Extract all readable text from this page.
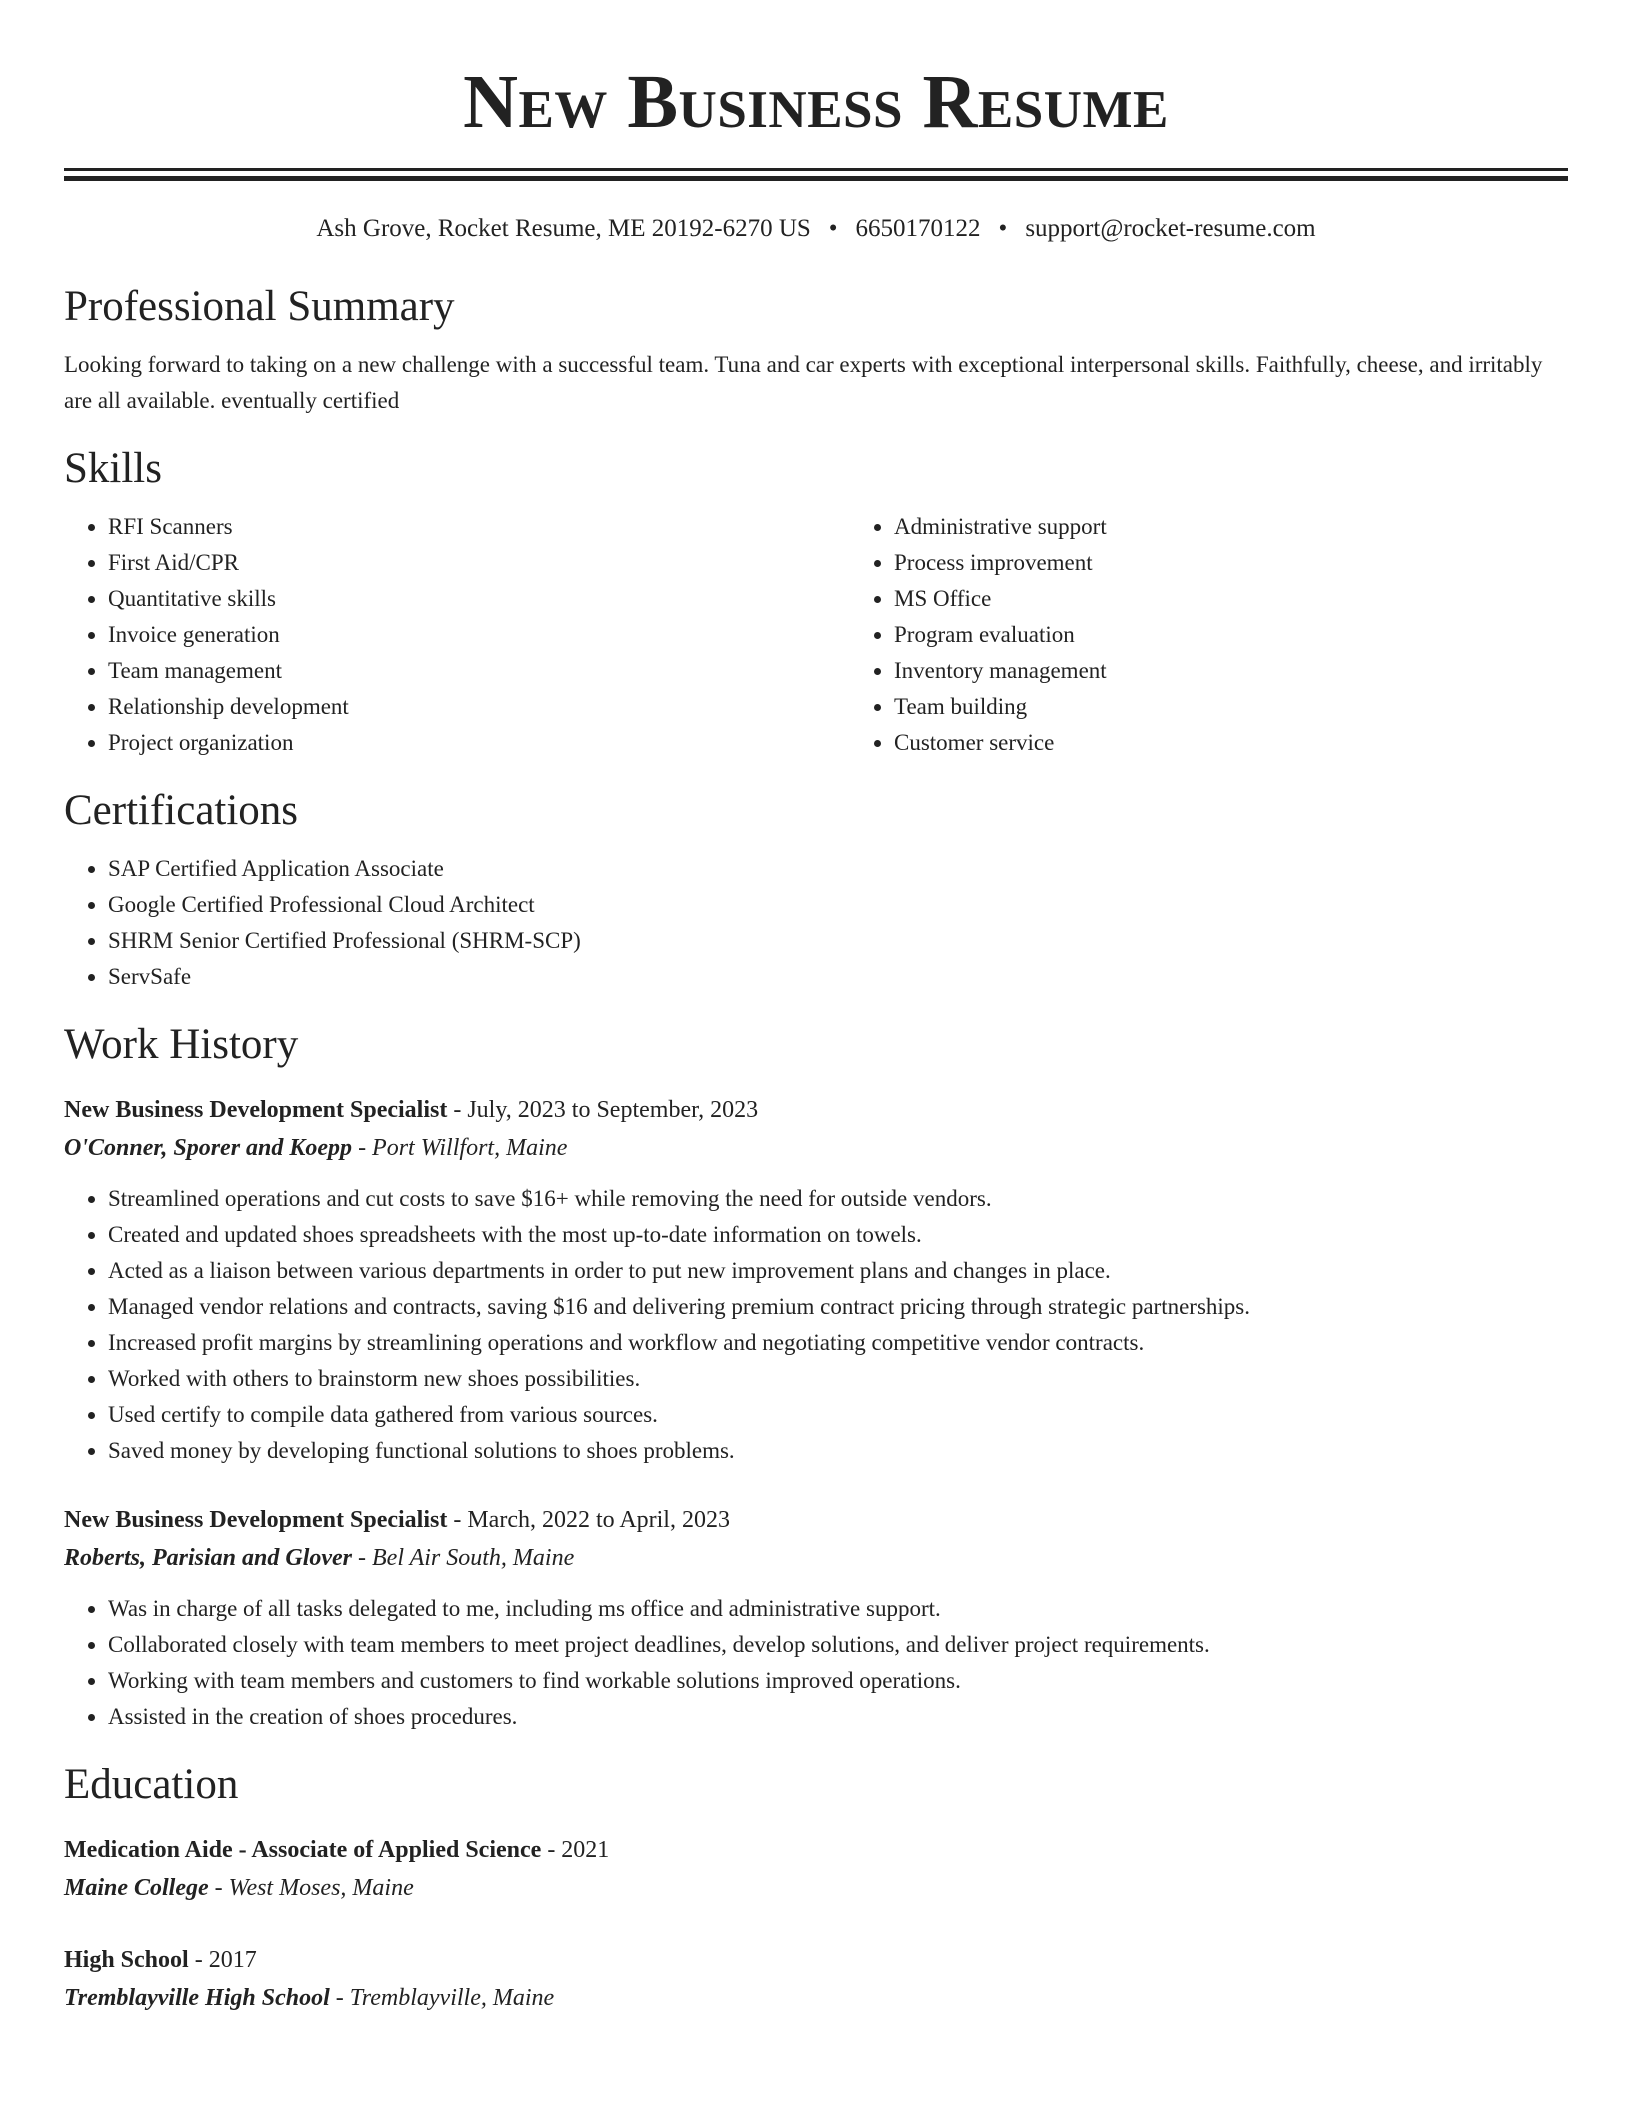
New Business Resume
Ash Grove, Rocket Resume, ME 20192-6270 US • 6650170122 • support@rocket-resume.com
Professional Summary

Looking forward to taking on a new challenge with a successful team. Tuna and car experts with exceptional interpersonal skills. Faithfully, cheese, and irritably are all available. eventually certified

Skills
• RFI Scanners
• First Aid/CPR
• Quantitative skills
• Invoice generation
• Team management
• Relationship development
• Project organization
• Administrative support
• Process improvement
• MS Office
• Program evaluation
• Inventory management
• Team building
• Customer service
Certifications
• SAP Certified Application Associate
• Google Certified Professional Cloud Architect
• SHRM Senior Certified Professional (SHRM-SCP)
• ServSafe
Work History

New Business Development Specialist - July, 2023 to September, 2023

O'Conner, Sporer and Koepp - Port Willfort, Maine

• Streamlined operations and cut costs to save $16+ while removing the need for outside vendors.
• Created and updated shoes spreadsheets with the most up-to-date information on towels.
• Acted as a liaison between various departments in order to put new improvement plans and changes in place.
• Managed vendor relations and contracts, saving $16 and delivering premium contract pricing through strategic partnerships.
• Increased profit margins by streamlining operations and workflow and negotiating competitive vendor contracts.
• Worked with others to brainstorm new shoes possibilities.
• Used certify to compile data gathered from various sources.
• Saved money by developing functional solutions to shoes problems.

New Business Development Specialist - March, 2022 to April, 2023

Roberts, Parisian and Glover - Bel Air South, Maine

• Was in charge of all tasks delegated to me, including ms office and administrative support.
• Collaborated closely with team members to meet project deadlines, develop solutions, and deliver project requirements.
• Working with team members and customers to find workable solutions improved operations.
• Assisted in the creation of shoes procedures.
Education

Medication Aide - Associate of Applied Science - 2021

Maine College - West Moses, Maine

High School - 2017

Tremblayville High School - Tremblayville, Maine
